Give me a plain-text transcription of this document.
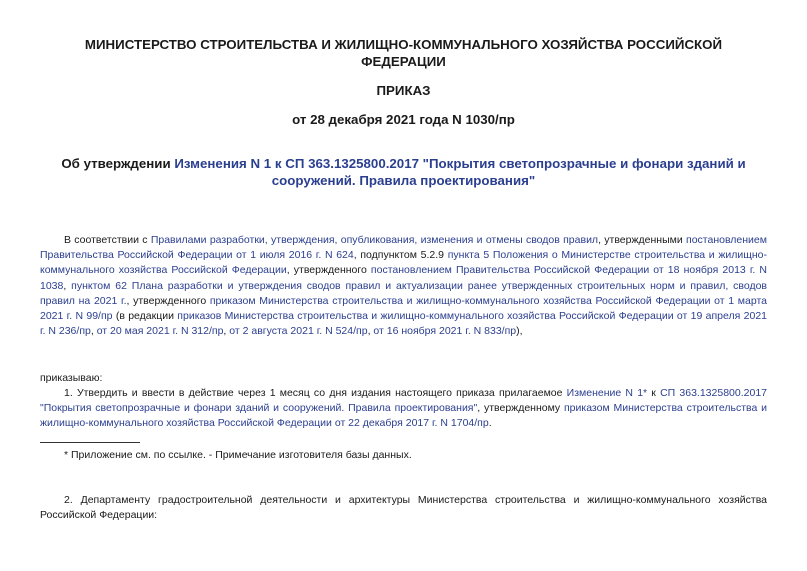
МИНИСТЕРСТВО СТРОИТЕЛЬСТВА И ЖИЛИЩНО-КОММУНАЛЬНОГО ХОЗЯЙСТВА РОССИЙСКОЙ ФЕДЕРАЦИИ
ПРИКАЗ
от 28 декабря 2021 года N 1030/пр
Об утверждении Изменения N 1 к СП 363.1325800.2017 "Покрытия светопрозрачные и фонари зданий и сооружений. Правила проектирования"
В соответствии с Правилами разработки, утверждения, опубликования, изменения и отмены сводов правил, утвержденными постановлением Правительства Российской Федерации от 1 июля 2016 г. N 624, подпунктом 5.2.9 пункта 5 Положения о Министерстве строительства и жилищно-коммунального хозяйства Российской Федерации, утвержденного постановлением Правительства Российской Федерации от 18 ноября 2013 г. N 1038, пунктом 62 Плана разработки и утверждения сводов правил и актуализации ранее утвержденных строительных норм и правил, сводов правил на 2021 г., утвержденного приказом Министерства строительства и жилищно-коммунального хозяйства Российской Федерации от 1 марта 2021 г. N 99/пр (в редакции приказов Министерства строительства и жилищно-коммунального хозяйства Российской Федерации от 19 апреля 2021 г. N 236/пр, от 20 мая 2021 г. N 312/пр, от 2 августа 2021 г. N 524/пр, от 16 ноября 2021 г. N 833/пр),
приказываю:
1. Утвердить и ввести в действие через 1 месяц со дня издания настоящего приказа прилагаемое Изменение N 1* к СП 363.1325800.2017 "Покрытия светопрозрачные и фонари зданий и сооружений. Правила проектирования", утвержденному приказом Министерства строительства и жилищно-коммунального хозяйства Российской Федерации от 22 декабря 2017 г. N 1704/пр.
* Приложение см. по ссылке. - Примечание изготовителя базы данных.
2. Департаменту градостроительной деятельности и архитектуры Министерства строительства и жилищно-коммунального хозяйства Российской Федерации:
